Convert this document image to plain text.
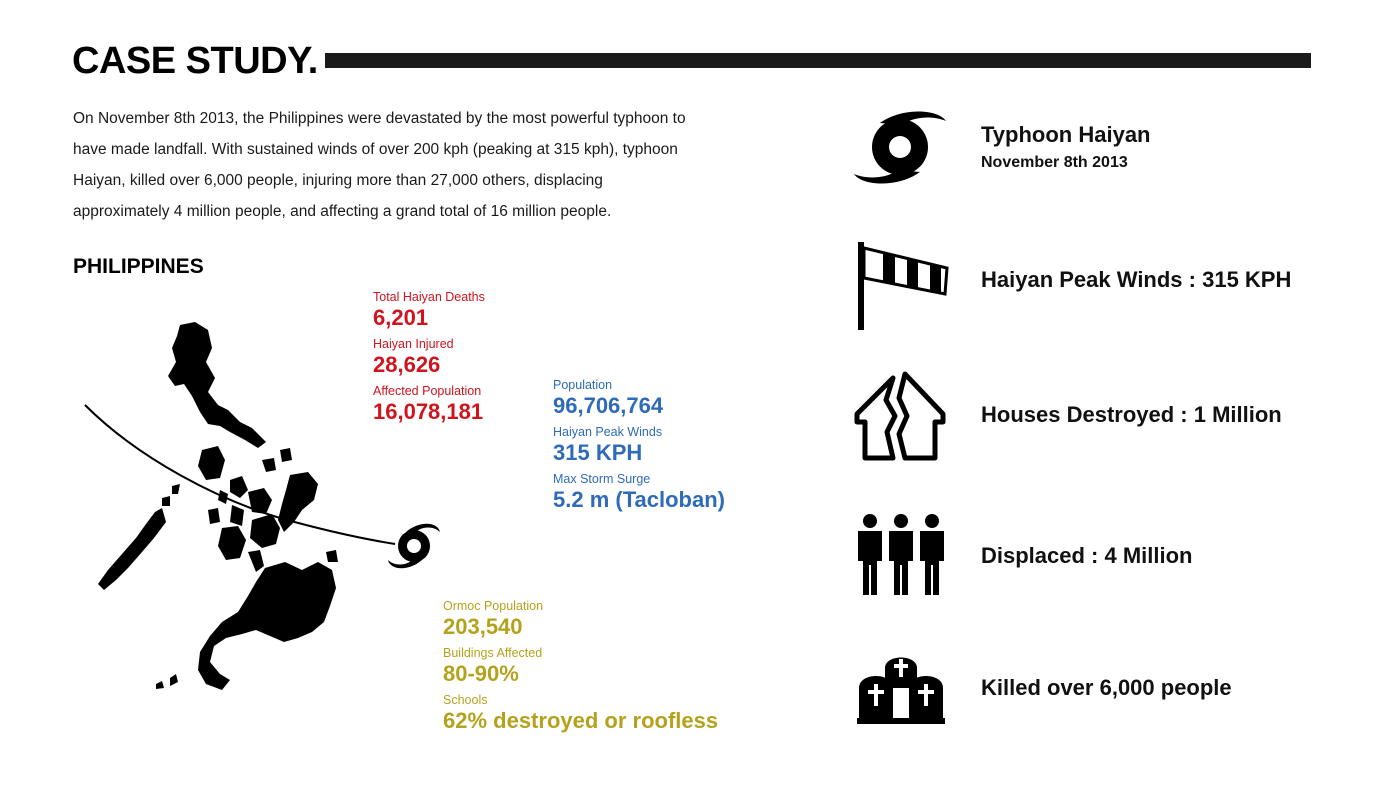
CASE STUDY.

On November 8th 2013, the Philippines were devastated by the most powerful typhoon to have made landfall. With sustained winds of over 200 kph (peaking at 315 kph), typhoon Haiyan, killed over 6,000 people, injuring more than 27,000 others, displacing approximately 4 million people, and affecting a grand total of 16 million people.

PHILIPPINES
Total Haiyan Deaths
6,201
Haiyan Injured
28,626
Affected Population
16,078,181
Population
96,706,764
Haiyan Peak Winds
315 KPH
Max Storm Surge
5.2 m (Tacloban)
Ormoc Population
203,540
Buildings Affected
80-90%
Schools
62% destroyed or roofless
Typhoon Haiyan
November 8th 2013
Haiyan Peak Winds : 315 KPH
Houses Destroyed : 1 Million
Displaced : 4 Million
Killed over 6,000 people
